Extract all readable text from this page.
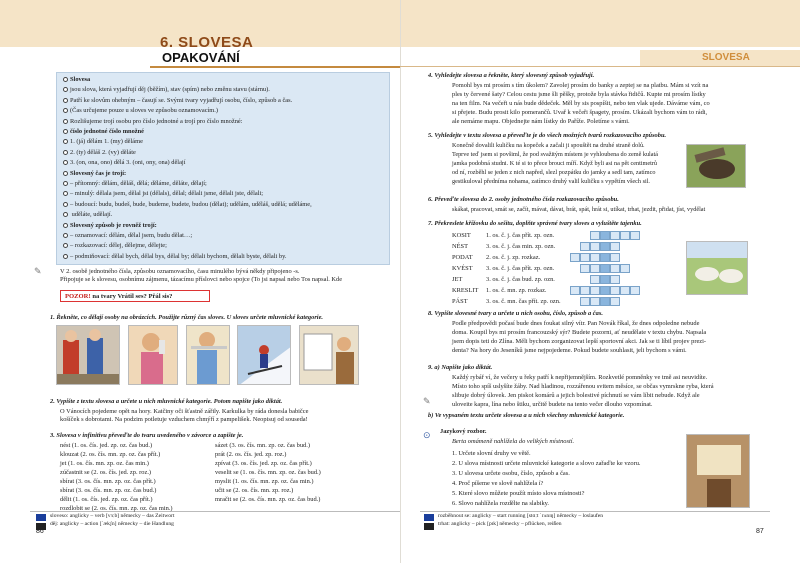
6. SLOVESA
OPAKOVÁNÍ
Slovesa
jsou slova, která vyjadřují děj (běžím), stav (spím) nebo změnu stavu (stárnu).
Patří ke slovům ohebným – časují se. Svými tvary vyjadřují osobu, číslo, způsob a čas.
(Čas určujeme pouze u sloves ve způsobu oznamovacím.)
Rozlišujeme trojí osobu pro číslo jednotné a trojí pro číslo množné:
číslo jednotné číslo množné
1. (já) dělám 1. (my) děláme
2. (ty) děláš 2. (vy) děláte
3. (on, ona, ono) dělá 3. (oni, ony, ona) dělají
Slovesný čas je trojí:
– přítomný: dělám, děláš, dělá; děláme, děláte, dělají;
– minulý: dělala jsem, dělal jsi (dělals), dělal; dělali jsme, dělali jste, dělali;
– budoucí: budu, budeš, bude, budeme, budete, budou (dělat); udělám, uděláš, udělá; uděláme,
uděláte, udělají.
Slovesný způsob je rovněž trojí:
– oznamovací: dělám, dělal jsem, budu dělat…;
– rozkazovací: dělej, dělejme, dělejte;
– podmiňovací: dělal bych, dělal bys, dělal by; dělali bychom, dělali byste, dělali by.
✎	V 2. osobě jednotného čísla, způsobu oznamovacího, času minulého bývá někdy připojeno -s.
Připojuje se k slovesu, osobnímu zájmenu, tázacímu příslovci nebo spojce (To jsi napsal nebo Tos napsal. Kde
POZOR! na tvary Vrátil ses? Přál sis?
1. Řekněte, co dělají osoby na obrázcích. Použijte různý čas sloves. U sloves určete mluvnické kategorie.
2. Vypište z textu slovesa a určete u nich mluvnické kategorie. Potom napište jako diktát.
O Vánocích pojedeme opět na hory. Katčiny oči šťastně zářily. Karkulka by ráda donesla babičce
košíček s dobrotami. Na podzim potletuje vzduchem chmýří z pampelišek. Neopisuj od souseda!
3. Slovesa v infinitivu převeďte do tvaru uvedeného v závorce a zapište je.
sloveso: anglicky – verb [vɜːb] německy – das Zeitwort
děj: anglicky – action [ˈækʃn] německy – die Handlung
86
SLOVESA
4. Vyhledejte slovesa a řekněte, který slovesný způsob vyjadřují.
Pomohl bys mi prosím s tím úkolem? Zavolej prosím do banky a zeptej se na platbu. Mám si vzít na
ples ty červené šaty? Celou cestu jsme šli pěšky, protože byla stávka řidičů. Kupte mi prosím lístky
na ten film. Na večeři u nás bude dědeček. Měl by sis pospíšit, nebo ten vlak ujede. Dáváme vám, co
si přejete. Budu prosit kilo pomerančů. Uvař k večeři špagety, prosím. Ukázali bychom vám to rádi,
ale nemáme mapu. Objednejte nám lístky do Paříže. Poletíme s vámi.
5. Vyhledejte v textu slovesa a převeďte je do všech možných tvarů rozkazovacího způsobu.
Konečně dovalili kuličku na kopeček a začali ji spouštět na druhé straně dolů.
Teprve teď jsem si povšiml, že pod svažitým místem je vyhloubena do země kulatá
jamka podobná studni. K té si to přece brouci míří. Když byli asi na pět centimetrů
od ní, rozběhl se jeden z nich napřed, slezl pozpátku do jamky a sedl tam, zatímco
gestikuloval předníma nohama, zatímco druhý valil kuličku s vypětím všech sil.
6. Převeďte slovesa do 2. osoby jednotného čísla rozkazovacího způsobu.
skákat, pracovat, smát se, začít, mávat, dávat, brát, spát, hrát si, utíkat, trhat, jezdit, přidat, jíst, vydělat
7. Překreslete křížovku do sešitu, doplňte správné tvary sloves a vyluštěte tajenku.
KOSIT 1. os. č. j. čas přít. zp. ozn.
NÉST	3. os. č. j. čas min. zp. ozn.
PODAT 2. os. č. j. zp. rozkaz.
KVÉST 3. os. č. j. čas přít. zp. ozn.
JET	3. os. č. j. čas bud. zp. ozn.
KRESLIT 1. os. č. mn. zp. rozkaz.
PÁST	3. os. č. mn. čas přít. zp. ozn.
8. Vypište slovesné tvary a určete u nich osobu, číslo, způsob a čas.
Podle předpovědi počasí bude dnes foukat silný vítr. Pan Novák říkal, že dnes odpoledne nebude
doma. Koupil bys mi prosím francouzský sýr? Budete pozorni, ať neudělate v textu chybu. Napsala
jsem dopis teti do Zlína. Měli bychom zorganizovat lepší sportovní akci. Jak se ti líbil projev prezi-
denta? Na hory do Jeseníků jsme nejpojedeme. Pokud budete souhlasit, jeli bychom s vámi.
9. a) Napište jako diktát.
Každý rybář ví, že večery u řeky patří k nepřijemnějším. Rozkvetlé pomněnky ve tmě asi neuvidíte.
Místo toho spíš uslyšíte žáby. Nad hladinou, rozzářenou svitem měsíce, se občas vymrskne ryba, která
slibuje dobrý úlovek. Jen piskot komárů a jejich bolestivé píchnutí se vám líbit nebude. Když ale
uloveite kapra, lína nebo štiku, určitě budete na tento večer dlouho vzpomínat.
b) Ve vypsaném textu určete slovesa a u nich všechny mluvnické kategorie.
Jazykový rozbor.
Berta omámeně nahlížela do velikých místností.
1. Určete slovní druhy ve větě.
2. U slova místnosti určete mluvnické kategorie a slovo zařaďte ke vzoru.
3. U slovesa určete osobu, číslo, způsob a čas.
4. Proč píšeme ve slově nahlížela í?
5. Které slovo můžete použít místo slova místnosti?
6. Slovo nahlížela rozdělte na slabiky.
✎
⊙
rozběhnout se: anglicky – start running [stɑːt ˈrʌnɪŋ] německy – loslaufen
trhat: anglicky – pick [pɪk] německy – pflücken, reißen
87
nést (1. os. čís. jed. zp. oz. čas bud.)
klouzat (2. os. čís. mn. zp. oz. čas přít.)
jet (1. os. čís. mn. zp. oz. čas min.)
zúčastnit se (2. os. čís. jed. zp. roz.)
sbírat (3. os. čís. mn. zp. oz. čas přít.)
sbírat (3. os. čís. mn. zp. oz. čas bud.)
dělit (1. os. čís. jed. zp. oz. čas přít.)
rozdlobit se (2. os. čís. mn. zp. oz. čas min.)
sázet (3. os. čís. mn. zp. oz. čas bud.)
prát (2. os. čís. jed. zp. roz.)
zpívat (3. os. čís. jed. zp. oz. čas přít.)
veselit se (1. os. čís. mn. zp. oz. čas bud.)
myslit (1. os. čís. mn. zp. oz. čas min.)
učit se (2. os. čís. mn. zp. roz.)
mračit se (2. os. čís. mn. zp. oz. čas bud.)
